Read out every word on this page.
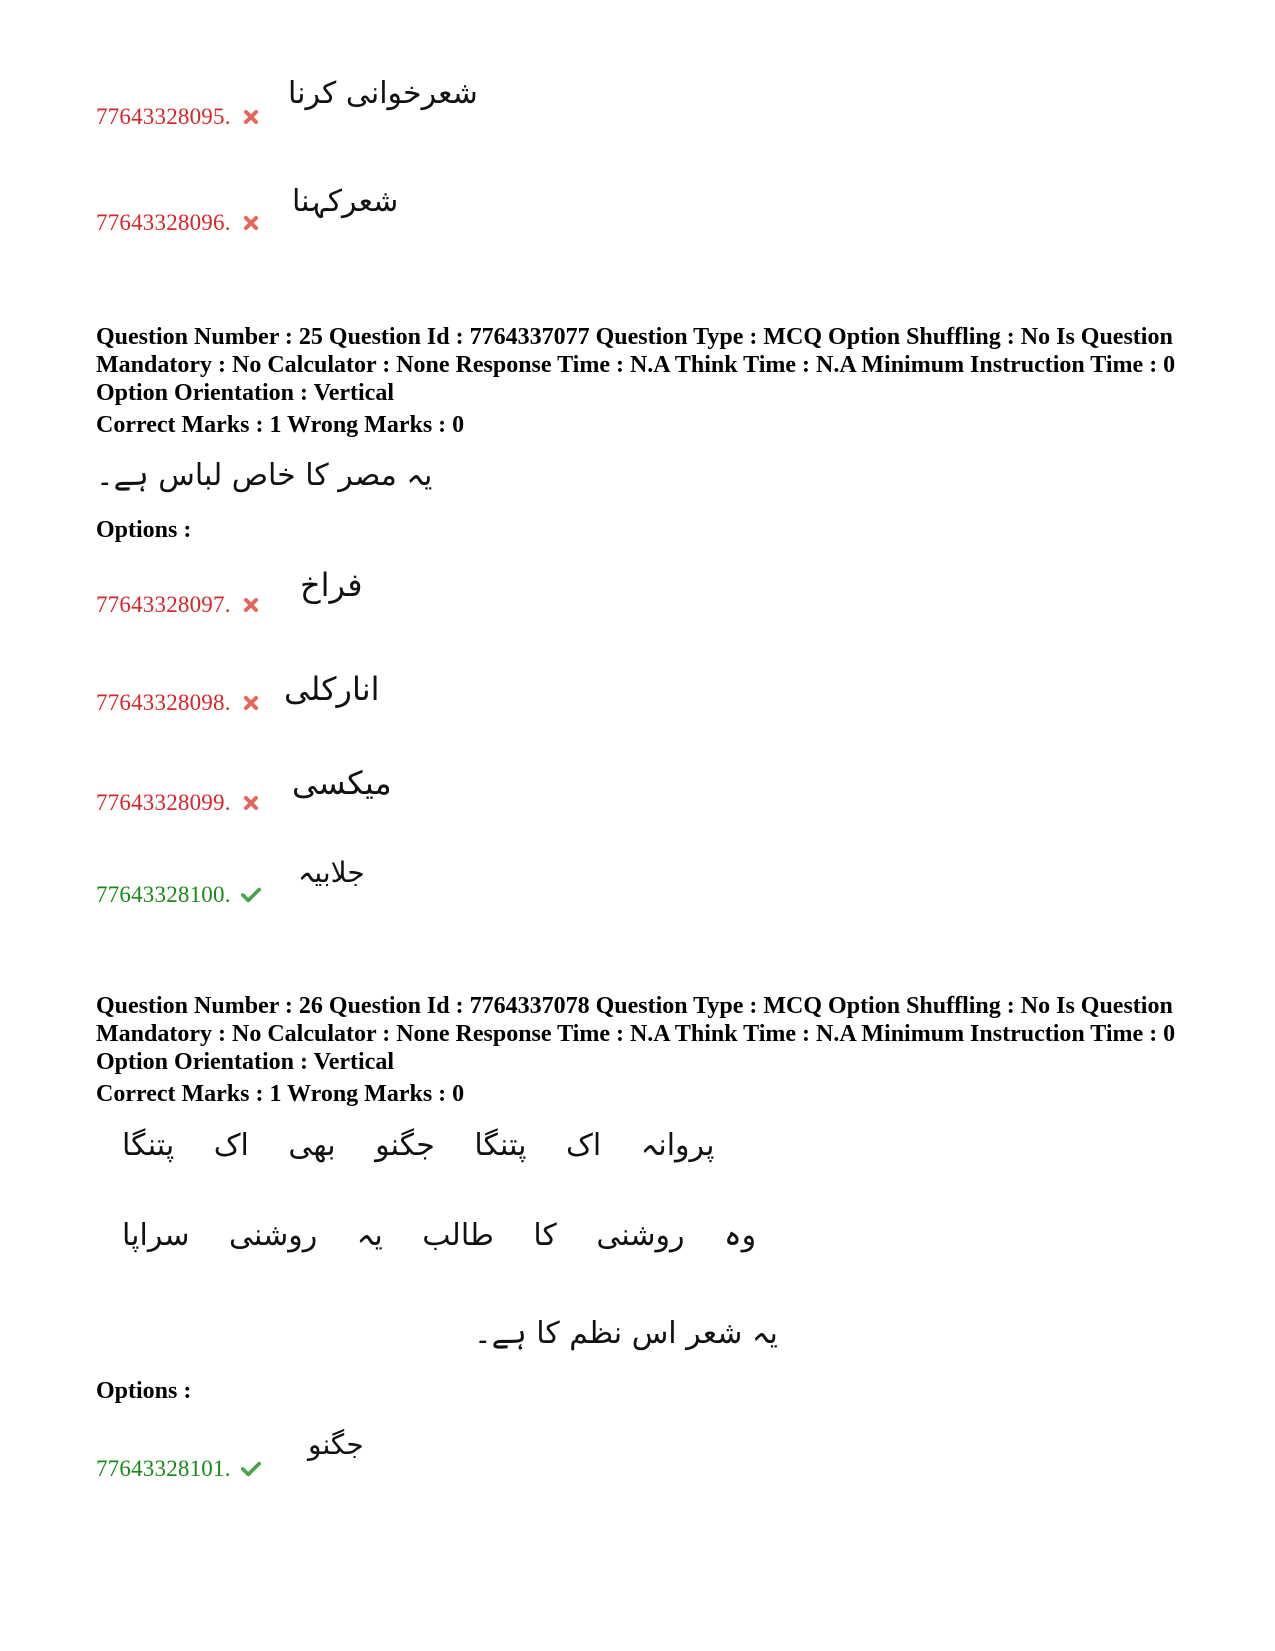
77643328095.
شعرخوانی کرنا
77643328096.
شعرکہنا
Question Number : 25 Question Id : 7764337077 Question Type : MCQ Option Shuffling : No Is Question Mandatory : No Calculator : None Response Time : N.A Think Time : N.A Minimum Instruction Time : 0 Option Orientation : Vertical
Correct Marks : 1 Wrong Marks : 0
یہ مصر کا خاص لباس ہے۔
Options :
77643328097.
فراخ
77643328098. انارکلی
77643328099.
میکسی
77643328100.
جلابیہ
Question Number : 26 Question Id : 7764337078 Question Type : MCQ Option Shuffling : No Is Question Mandatory : No Calculator : None Response Time : N.A Think Time : N.A Minimum Instruction Time : 0 Option Orientation : Vertical
Correct Marks : 1 Wrong Marks : 0
پروانہ اک پتنگا جگنو بھی اک پتنگا
وہ روشنی کا طالب یہ روشنی سراپا
یہ شعر اس نظم کا ہے۔
Options :
77643328101.
جگنو
